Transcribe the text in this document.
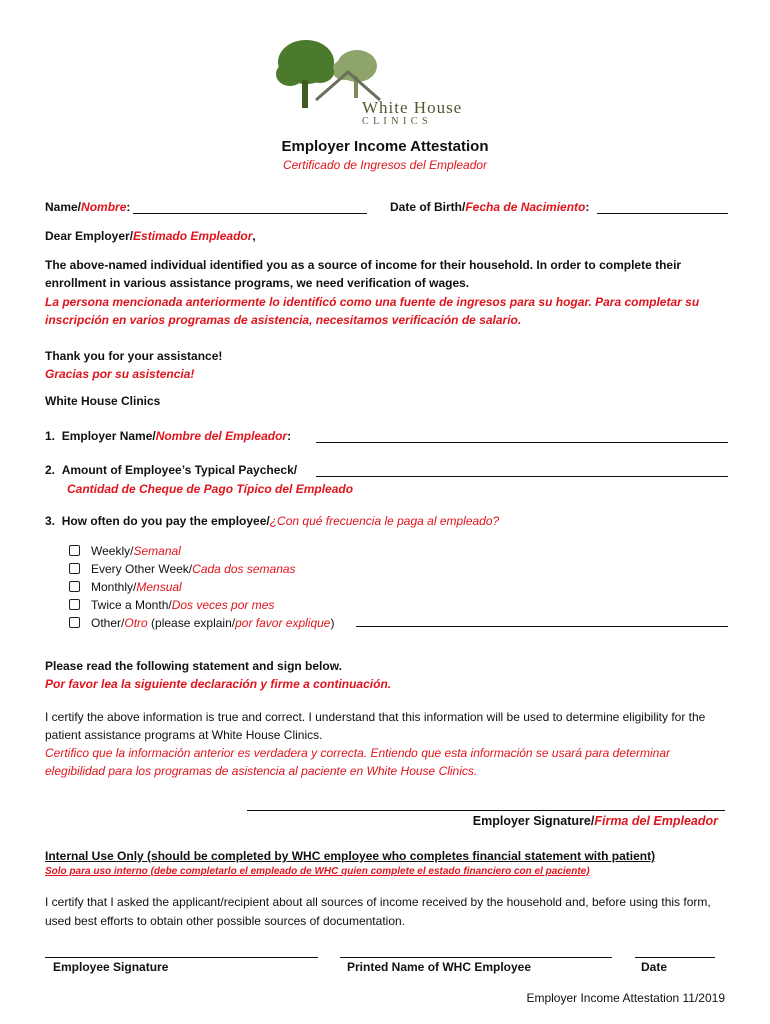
White House
C L I N I C S
Employer Income Attestation
Certificado de Ingresos del Empleador
Name/Nombre:	Date of Birth/Fecha de Nacimiento:
Dear Employer/Estimado Empleador,
The above-named individual identified you as a source of income for their household. In order to complete their enrollment in various assistance programs, we need verification of wages.
La persona mencionada anteriormente lo identificó como una fuente de ingresos para su hogar. Para completar su inscripción en varios programas de asistencia, necesitamos verificación de salario.
Thank you for your assistance!
Gracias por su asistencia!
White House Clinics
1. Employer Name/Nombre del Empleador:
2. Amount of Employee’s Typical Paycheck/
Cantidad de Cheque de Pago Típico del Empleado
3. How often do you pay the employee/¿Con qué frecuencia le paga al empleado?
Weekly/Semanal
Every Other Week/Cada dos semanas
Monthly/Mensual
Twice a Month/Dos veces por mes
Other/Otro (please explain/por favor explique)
Please read the following statement and sign below.
Por favor lea la siguiente declaración y firme a continuación.
I certify the above information is true and correct. I understand that this information will be used to determine eligibility for the patient assistance programs at White House Clinics.
Certifico que la información anterior es verdadera y correcta. Entiendo que esta información se usará para determinar elegibilidad para los programas de asistencia al paciente en White House Clinics.
Employer Signature/Firma del Empleador
Internal Use Only (should be completed by WHC employee who completes financial statement with patient)
Solo para uso interno (debe completarlo el empleado de WHC quien complete el estado financiero con el paciente)
I certify that I asked the applicant/recipient about all sources of income received by the household and, before using this form, used best efforts to obtain other possible sources of documentation.
Employee Signature	Printed Name of WHC Employee	Date
Employer Income Attestation 11/2019
